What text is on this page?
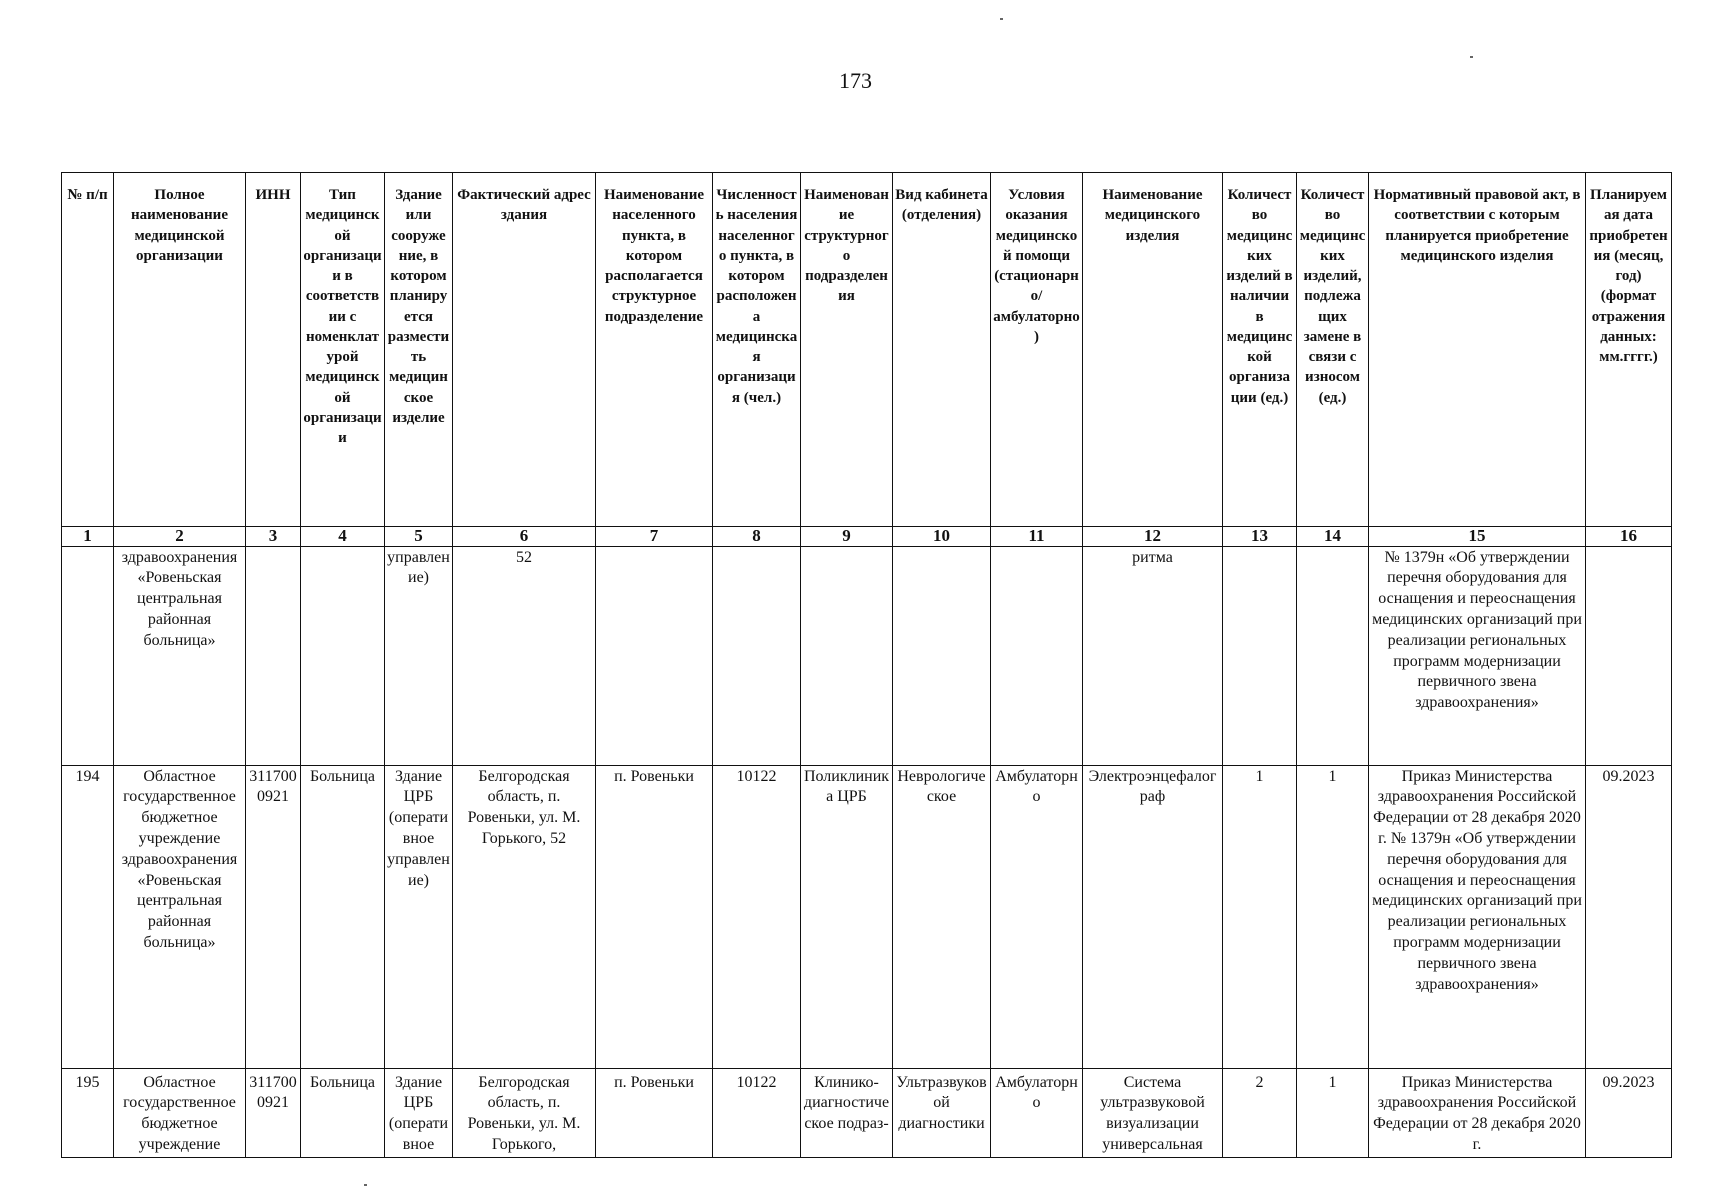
173
№ п/п	Полное наименование медицинской организации	ИНН	Тип медицинской организации в соответствии с номенклатурой медицинской организации	Здание или сооружение, в котором планируется разместить медицинское изделие	Фактический адрес здания	Наименование населенного пункта, в котором располагается структурное подразделение	Численность населения населенного пункта, в котором расположена медицинская организация (чел.)	Наименование структурного подразделения	Вид кабинета (отделения)	Условия оказания медицинской помощи (стационарно/ амбулаторно)	Наименование медицинского изделия	Количество медицинских изделий в наличии в медицинской организации (ед.)	Количество медицинских изделий, подлежащих замене в связи с износом (ед.)	Нормативный правовой акт, в соответствии с которым планируется приобретение медицинского изделия	Планируемая дата приобретения (месяц, год) (формат отражения данных: мм.гггг.)
1	2	3	4	5	6	7	8	9	10	11	12	13	14	15	16
	здравоохранения «Ровеньская центральная районная больница»			управление)	52						ритма			№ 1379н «Об утверждении перечня оборудования для оснащения и переоснащения медицинских организаций при реализации региональных программ модернизации первичного звена здравоохранения»	
194	Областное государственное бюджетное учреждение здравоохранения «Ровеньская центральная районная больница»	3117000921	Больница	Здание ЦРБ (оперативное управление)	Белгородская область, п. Ровеньки, ул. М. Горького, 52	п. Ровеньки	10122	Поликлиника ЦРБ	Неврологическое	Амбулаторно	Электроэнцефалограф	1	1	Приказ Министерства здравоохранения Российской Федерации от 28 декабря 2020 г. № 1379н «Об утверждении перечня оборудования для оснащения и переоснащения медицинских организаций при реализации региональных программ модернизации первичного звена здравоохранения»	09.2023
195	Областное государственное бюджетное учреждение	3117000921	Больница	Здание ЦРБ (оперативное	Белгородская область, п. Ровеньки, ул. М. Горького,	п. Ровеньки	10122	Клинико-диагностическое подраз-	Ультразвуковой диагностики	Амбулаторно	Система ультразвуковой визуализации универсальная	2	1	Приказ Министерства здравоохранения Российской Федерации от 28 декабря 2020 г.	09.2023
